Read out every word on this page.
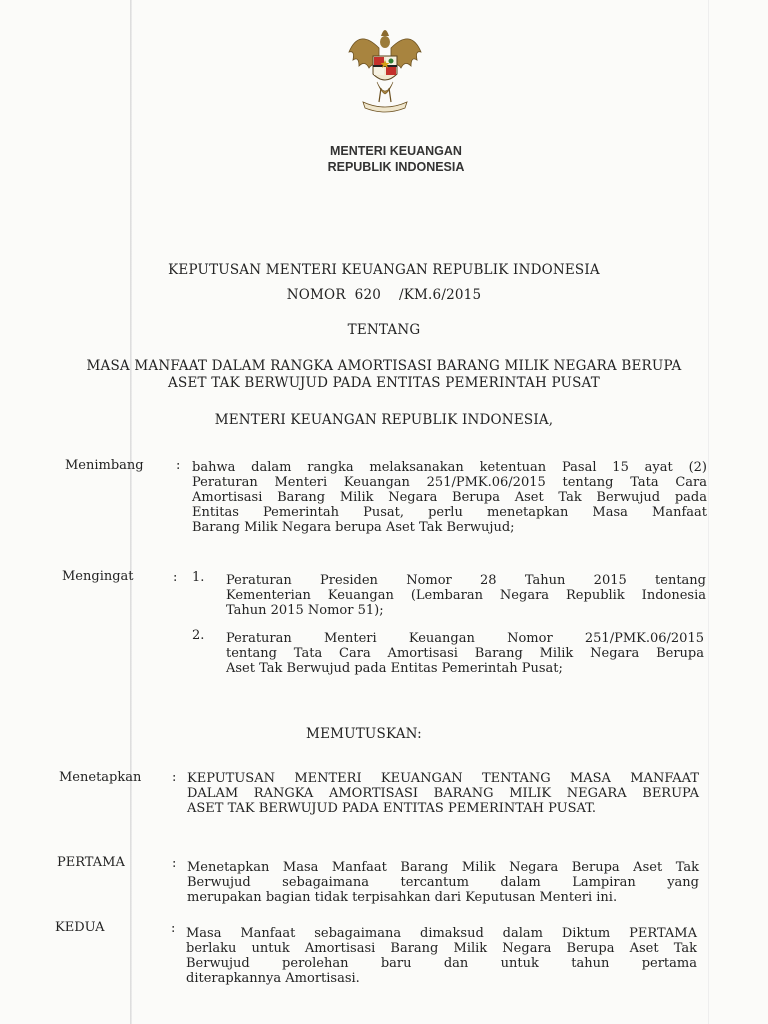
MENTERI KEUANGAN
REPUBLIK INDONESIA
KEPUTUSAN MENTERI KEUANGAN REPUBLIK INDONESIA
NOMOR  620    /KM.6/2015
TENTANG
MASA MANFAAT DALAM RANGKA AMORTISASI BARANG MILIK NEGARA BERUPA
ASET TAK BERWUJUD PADA ENTITAS PEMERINTAH PUSAT
MENTERI KEUANGAN REPUBLIK INDONESIA,
Menimbang : bahwa dalam rangka melaksanakan ketentuan Pasal 15 ayat (2)
Peraturan Menteri Keuangan 251/PMK.06/2015 tentang Tata Cara
Amortisasi Barang Milik Negara Berupa Aset Tak Berwujud pada
Entitas Pemerintah Pusat, perlu menetapkan Masa Manfaat
Barang Milik Negara berupa Aset Tak Berwujud;
Mengingat	: 1. Peraturan Presiden Nomor 28 Tahun 2015 tentang
Kementerian Keuangan (Lembaran Negara Republik Indonesia
Tahun 2015 Nomor 51);
2. Peraturan Menteri Keuangan Nomor 251/PMK.06/2015
tentang Tata Cara Amortisasi Barang Milik Negara Berupa
Aset Tak Berwujud pada Entitas Pemerintah Pusat;
MEMUTUSKAN:
Menetapkan : KEPUTUSAN MENTERI KEUANGAN TENTANG MASA MANFAAT
DALAM RANGKA AMORTISASI BARANG MILIK NEGARA BERUPA
ASET TAK BERWUJUD PADA ENTITAS PEMERINTAH PUSAT.
PERTAMA	: Menetapkan Masa Manfaat Barang Milik Negara Berupa Aset Tak
Berwujud sebagaimana tercantum dalam Lampiran yang
merupakan bagian tidak terpisahkan dari Keputusan Menteri ini.
KEDUA	: Masa Manfaat sebagaimana dimaksud dalam Diktum PERTAMA
berlaku untuk Amortisasi Barang Milik Negara Berupa Aset Tak
Berwujud perolehan baru dan untuk tahun pertama
diterapkannya Amortisasi.
